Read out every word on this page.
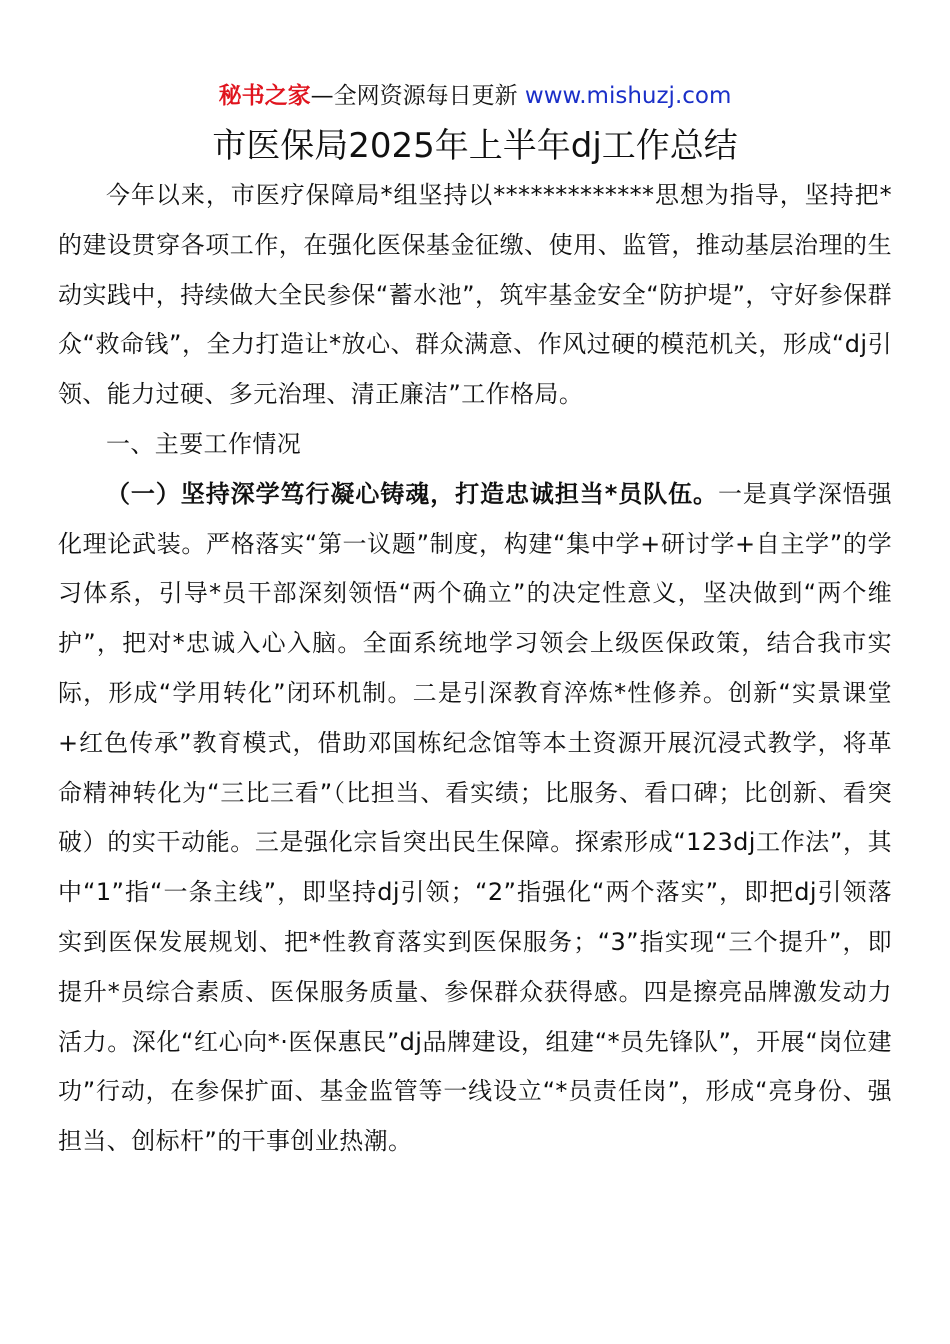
秘书之家—全网资源每日更新 www.mishuzj.com
市医保局2025年上半年dj工作总结

今年以来，市医疗保障局*组坚持以*************思想为指导，坚持把*的建设贯穿各项工作，在强化医保基金征缴、使用、监管，推动基层治理的生动实践中，持续做大全民参保“蓄水池”，筑牢基金安全“防护堤”，守好参保群众“救命钱”，全力打造让*放心、群众满意、作风过硬的模范机关，形成“dj引领、能力过硬、多元治理、清正廉洁”工作格局。

一、主要工作情况

（一）坚持深学笃行凝心铸魂，打造忠诚担当*员队伍。一是真学深悟强化理论武装。严格落实“第一议题”制度，构建“集中学+研讨学+自主学”的学习体系，引导*员干部深刻领悟“两个确立”的决定性意义，坚决做到“两个维护”，把对*忠诚入心入脑。全面系统地学习领会上级医保政策，结合我市实际，形成“学用转化”闭环机制。二是引深教育淬炼*性修养。创新“实景课堂+红色传承”教育模式，借助邓国栋纪念馆等本土资源开展沉浸式教学，将革命精神转化为“三比三看”（比担当、看实绩；比服务、看口碑；比创新、看突破）的实干动能。三是强化宗旨突出民生保障。探索形成“123dj工作法”，其中“1”指“一条主线”，即坚持dj引领；“2”指强化“两个落实”，即把dj引领落实到医保发展规划、把*性教育落实到医保服务；“3”指实现“三个提升”，即提升*员综合素质、医保服务质量、参保群众获得感。四是擦亮品牌激发动力活力。深化“红心向*·医保惠民”dj品牌建设，组建“*员先锋队”，开展“岗位建功”行动，在参保扩面、基金监管等一线设立“*员责任岗”，形成“亮身份、强担当、创标杆”的干事创业热潮。
